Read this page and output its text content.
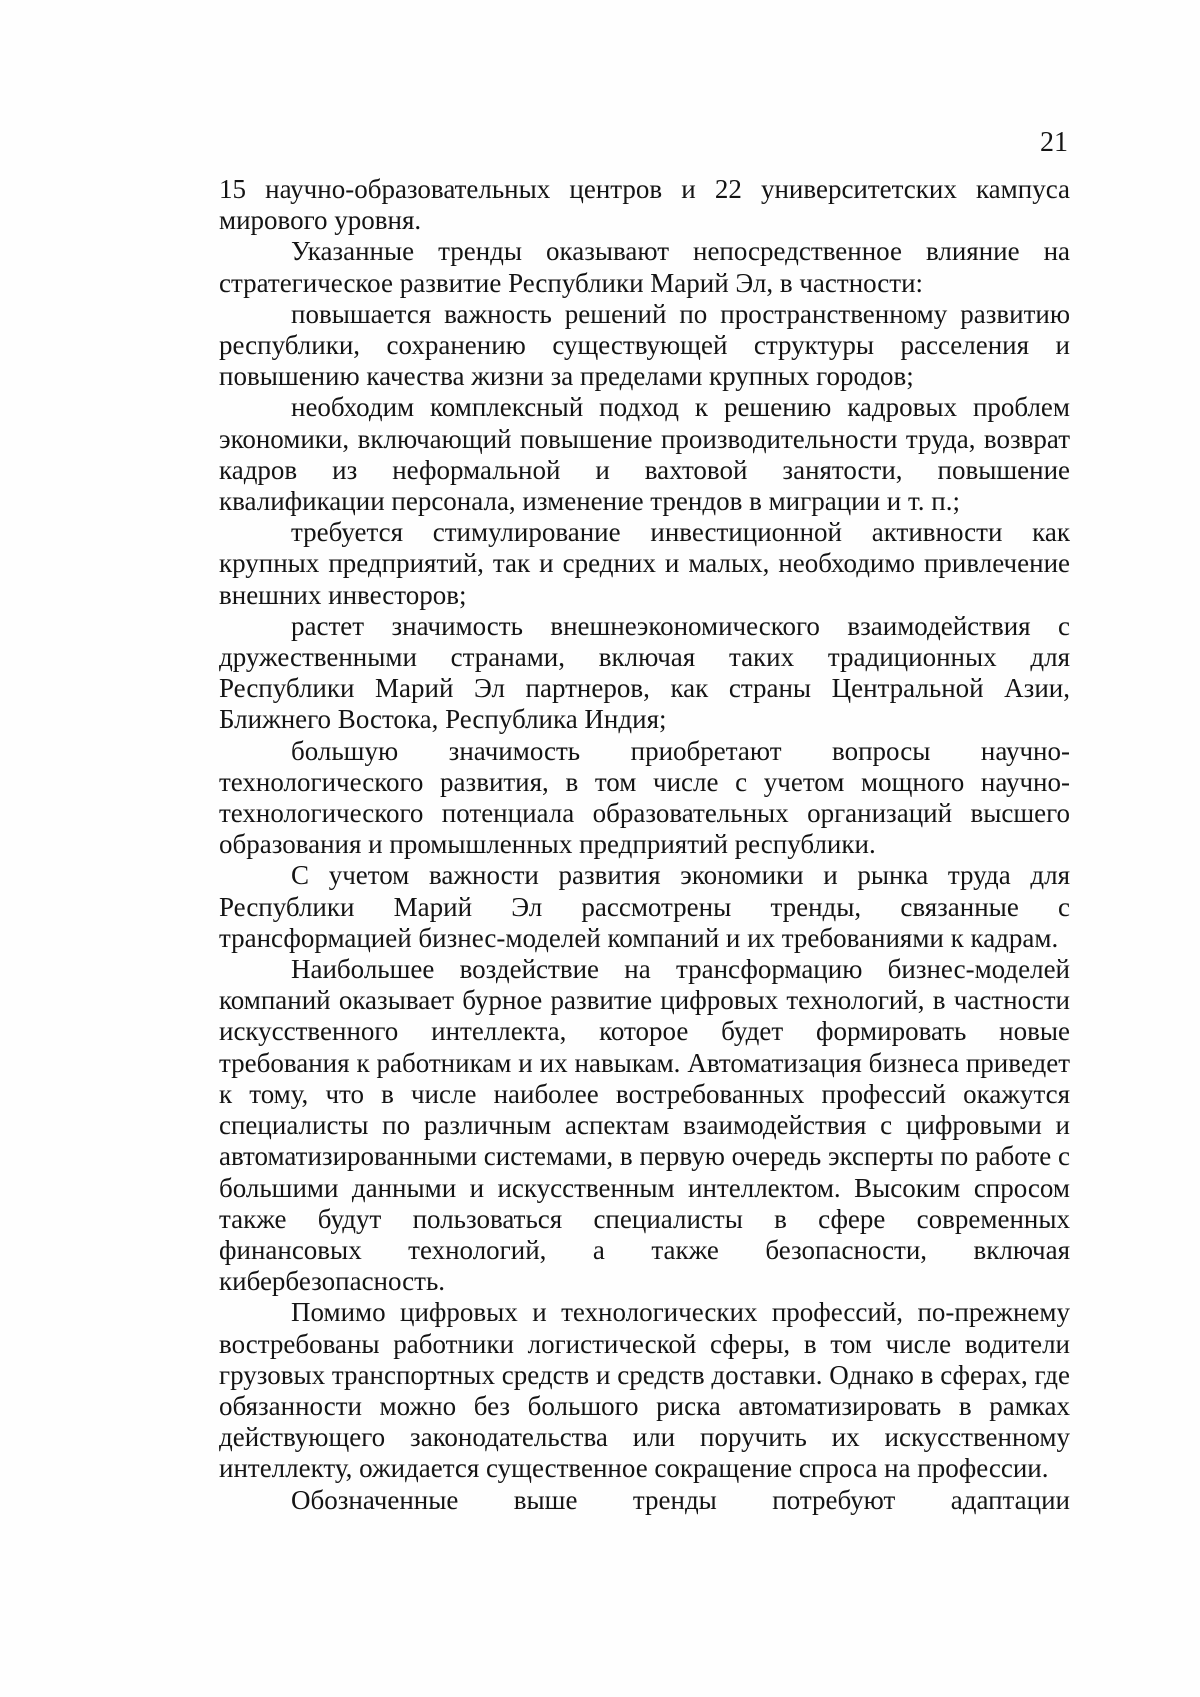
21

15 научно-образовательных центров и 22 университетских кампуса мирового уровня.

Указанные тренды оказывают непосредственное влияние на стратегическое развитие Республики Марий Эл, в частности:

повышается важность решений по пространственному развитию республики, сохранению существующей структуры расселения и повышению качества жизни за пределами крупных городов;

необходим комплексный подход к решению кадровых проблем экономики, включающий повышение производительности труда, возврат кадров из неформальной и вахтовой занятости, повышение квалификации персонала, изменение трендов в миграции и т. п.;

требуется стимулирование инвестиционной активности как крупных предприятий, так и средних и малых, необходимо привлечение внешних инвесторов;

растет значимость внешнеэкономического взаимодействия с дружественными странами, включая таких традиционных для Республики Марий Эл партнеров, как страны Центральной Азии, Ближнего Востока, Республика Индия;

большую значимость приобретают вопросы научно-технологического развития, в том числе с учетом мощного научно-технологического потенциала образовательных организаций высшего образования и промышленных предприятий республики.

С учетом важности развития экономики и рынка труда для Республики Марий Эл рассмотрены тренды, связанные с трансформацией бизнес-моделей компаний и их требованиями к кадрам.

Наибольшее воздействие на трансформацию бизнес-моделей компаний оказывает бурное развитие цифровых технологий, в частности искусственного интеллекта, которое будет формировать новые требования к работникам и их навыкам. Автоматизация бизнеса приведет к тому, что в числе наиболее востребованных профессий окажутся специалисты по различным аспектам взаимодействия с цифровыми и автоматизированными системами, в первую очередь эксперты по работе с большими данными и искусственным интеллектом. Высоким спросом также будут пользоваться специалисты в сфере современных финансовых технологий, а также безопасности, включая кибербезопасность.

Помимо цифровых и технологических профессий, по-прежнему востребованы работники логистической сферы, в том числе водители грузовых транспортных средств и средств доставки. Однако в сферах, где обязанности можно без большого риска автоматизировать в рамках действующего законодательства или поручить их искусственному интеллекту, ожидается существенное сокращение спроса на профессии.

Обозначенные выше тренды потребуют адаптации
